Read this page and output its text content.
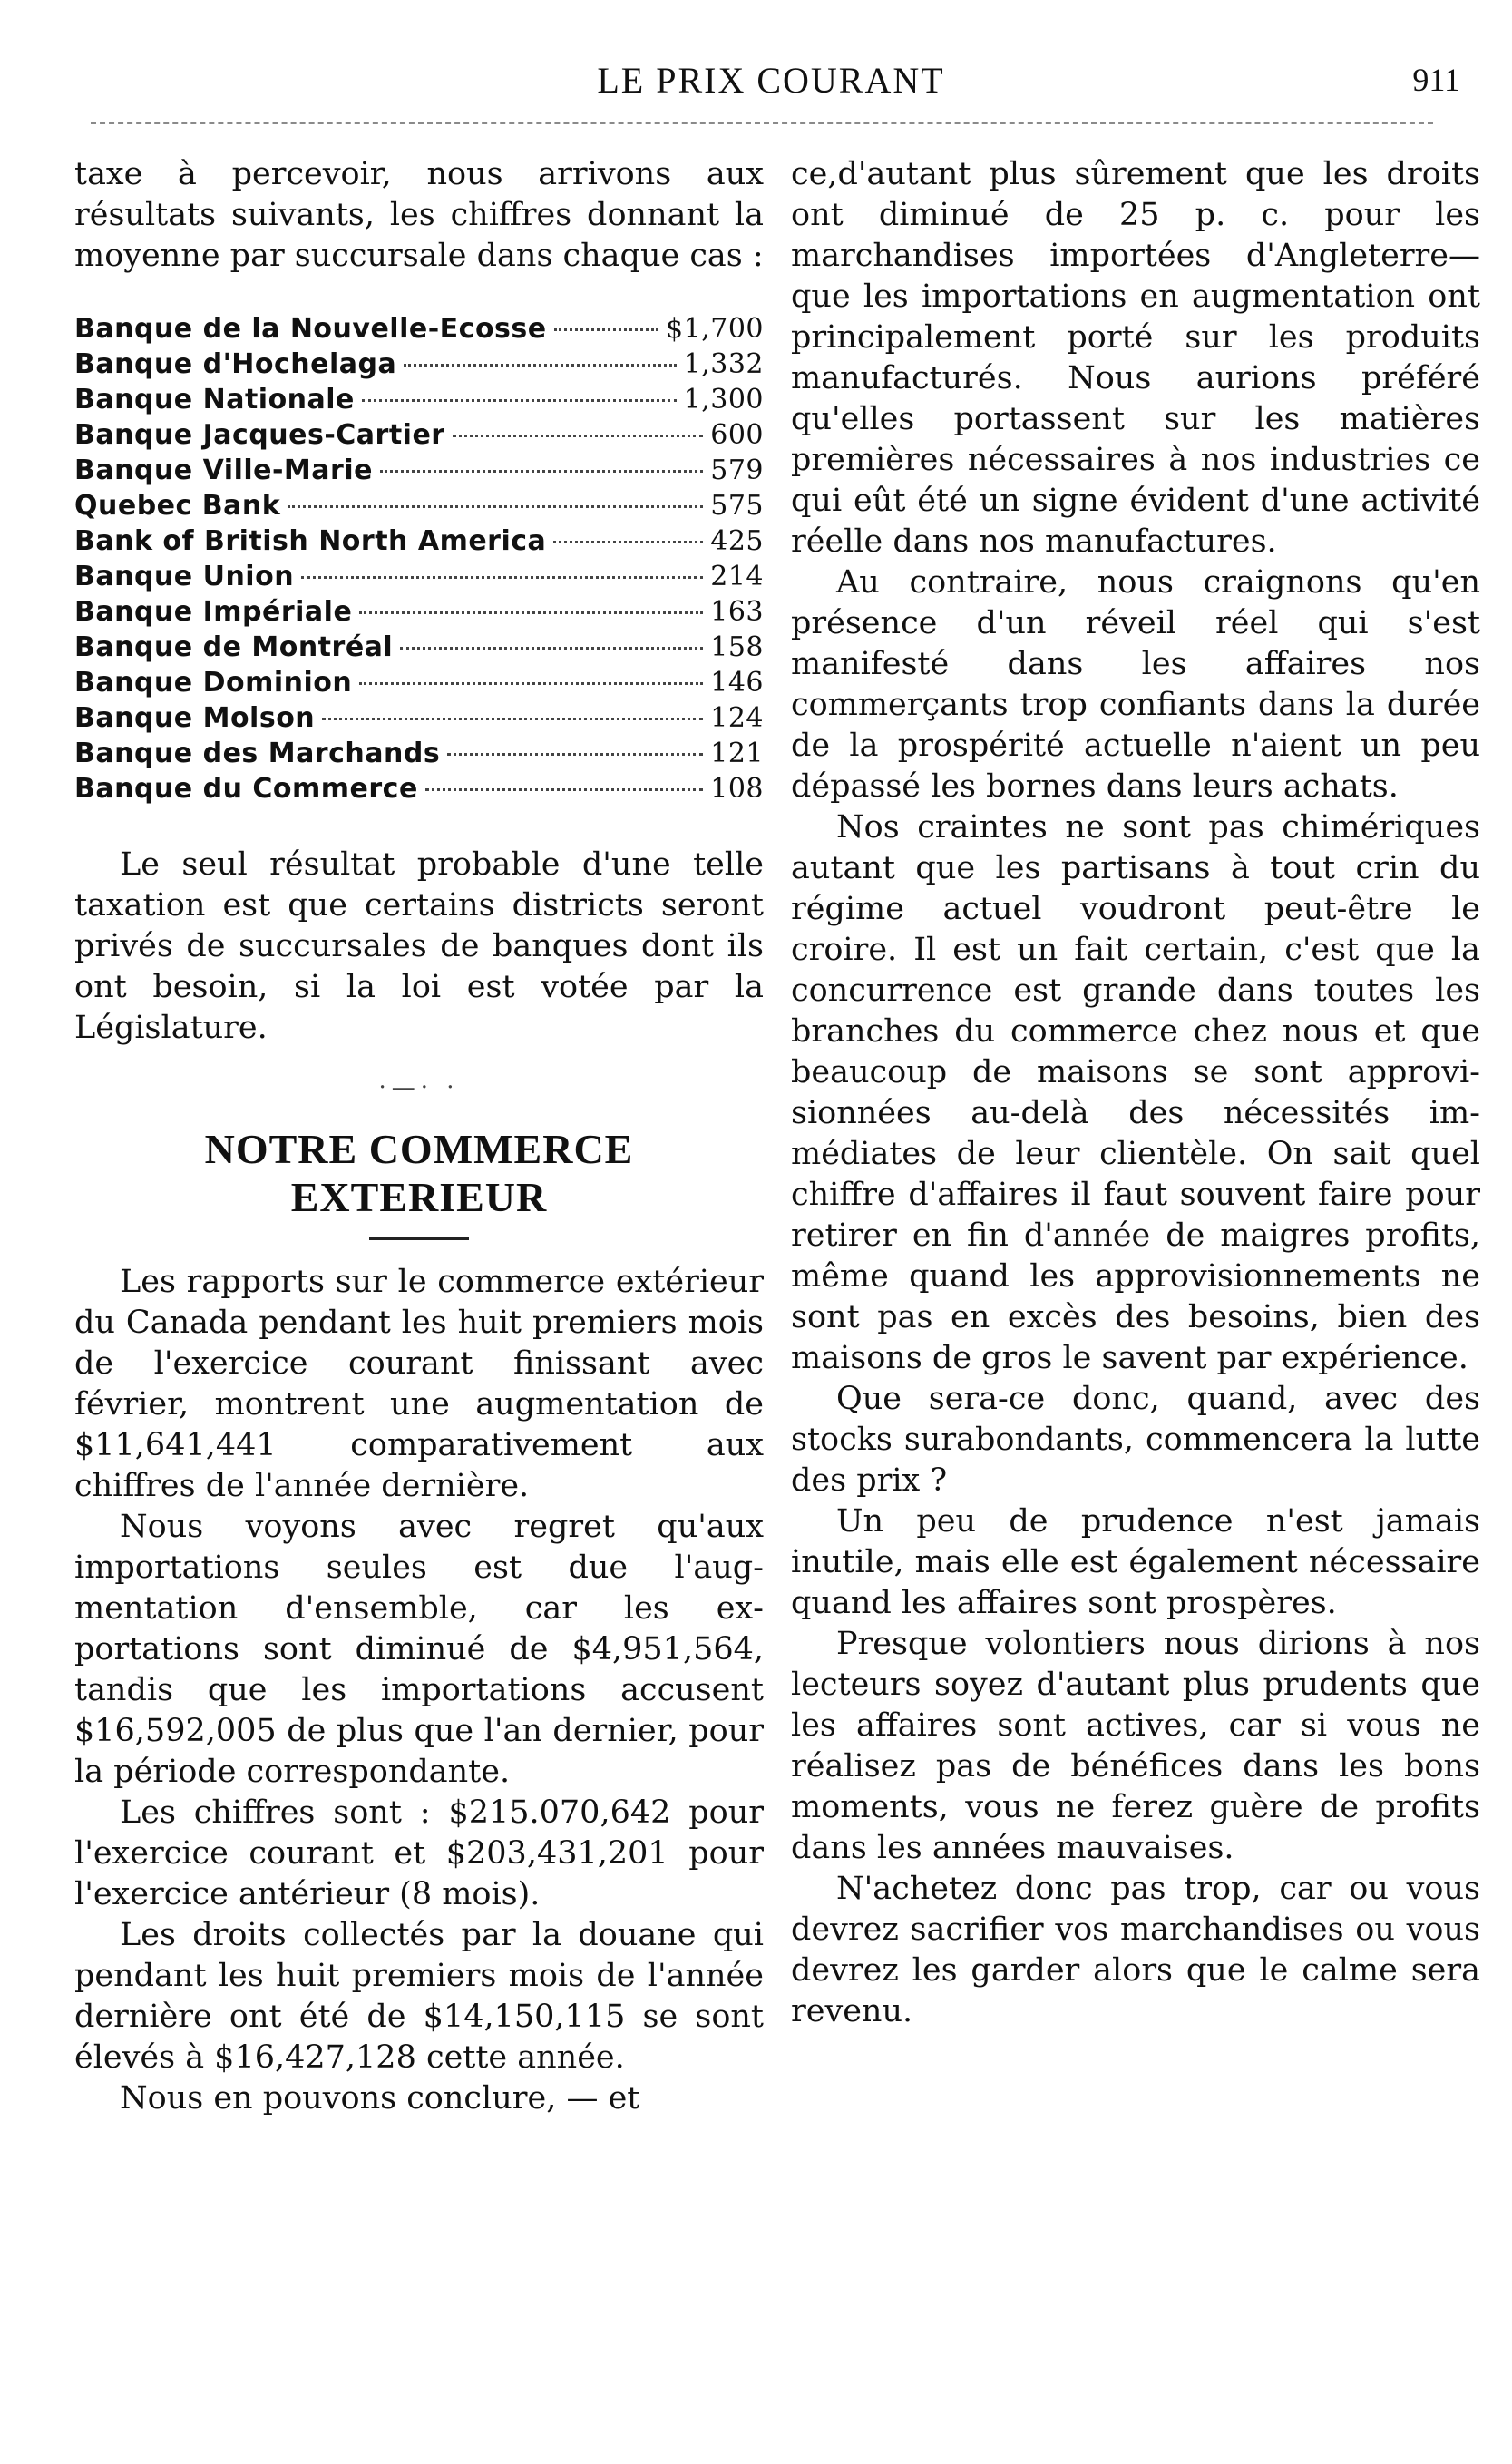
LE PRIX COURANT	911

taxe à percevoir, nous arrivons aux résultats suivants, les chiffres donnant la moyenne par succursale dans chaque cas :

Banque de la Nouvelle-Ecosse	$1,700
Banque d'Hochelaga	1,332
Banque Nationale	1,300
Banque Jacques-Cartier	600
Banque Ville-Marie	579
Quebec Bank	575
Bank of British North America	425
Banque Union	214
Banque Impériale	163
Banque de Montréal	158
Banque Dominion	146
Banque Molson	124
Banque des Marchands	121
Banque du Commerce	108

Le seul résultat probable d'une telle taxation est que certains districts seront privés de succursales de banques dont ils ont besoin, si la loi est votée par la Législature.

·—· ·
NOTRE COMMERCE EXTERIEUR

Les rapports sur le commerce extérieur du Canada pendant les huit premiers mois de l'exercice courant finissant avec février, montrent une augmentation de $11,641,441 comparativement aux chiffres de l'année dernière.

Nous voyons avec regret qu'aux importations seules est due l'augmentation d'ensemble, car les exportations sont diminué de $4,951,564, tandis que les importations accusent $16,592,005 de plus que l'an dernier, pour la période correspondante.

Les chiffres sont : $215.070,642 pour l'exercice courant et $203,431,201 pour l'exercice antérieur (8 mois).

Les droits collectés par la douane qui pendant les huit premiers mois de l'année dernière ont été de $14,150,115 se sont élevés à $16,427,128 cette année.

Nous en pouvons conclure, — et

ce,d'autant plus sûrement que les droits ont diminué de 25 p. c. pour les marchandises importées d'Angleterre—que les importations en augmentation ont principalement porté sur les produits manufacturés. Nous aurions préféré qu'elles portassent sur les matières premières nécessaires à nos industries ce qui eût été un signe évident d'une activité réelle dans nos manufactures.

Au contraire, nous craignons qu'en présence d'un réveil réel qui s'est manifesté dans les affaires nos commerçants trop confiants dans la durée de la prospérité actuelle n'aient un peu dépassé les bornes dans leurs achats.

Nos craintes ne sont pas chimériques autant que les partisans à tout crin du régime actuel voudront peut-être le croire. Il est un fait certain, c'est que la concurrence est grande dans toutes les branches du commerce chez nous et que beaucoup de maisons se sont approvisionnées au-delà des nécessités immédiates de leur clientèle. On sait quel chiffre d'affaires il faut souvent faire pour retirer en fin d'année de maigres profits, même quand les approvisionnements ne sont pas en excès des besoins, bien des maisons de gros le savent par expérience.

Que sera-ce donc, quand, avec des stocks surabondants, commencera la lutte des prix ?

Un peu de prudence n'est jamais inutile, mais elle est également nécessaire quand les affaires sont prospères.

Presque volontiers nous dirions à nos lecteurs soyez d'autant plus prudents que les affaires sont actives, car si vous ne réalisez pas de bénéfices dans les bons moments, vous ne ferez guère de profits dans les années mauvaises.

N'achetez donc pas trop, car ou vous devrez sacrifier vos marchandises ou vous devrez les garder alors que le calme sera revenu.
